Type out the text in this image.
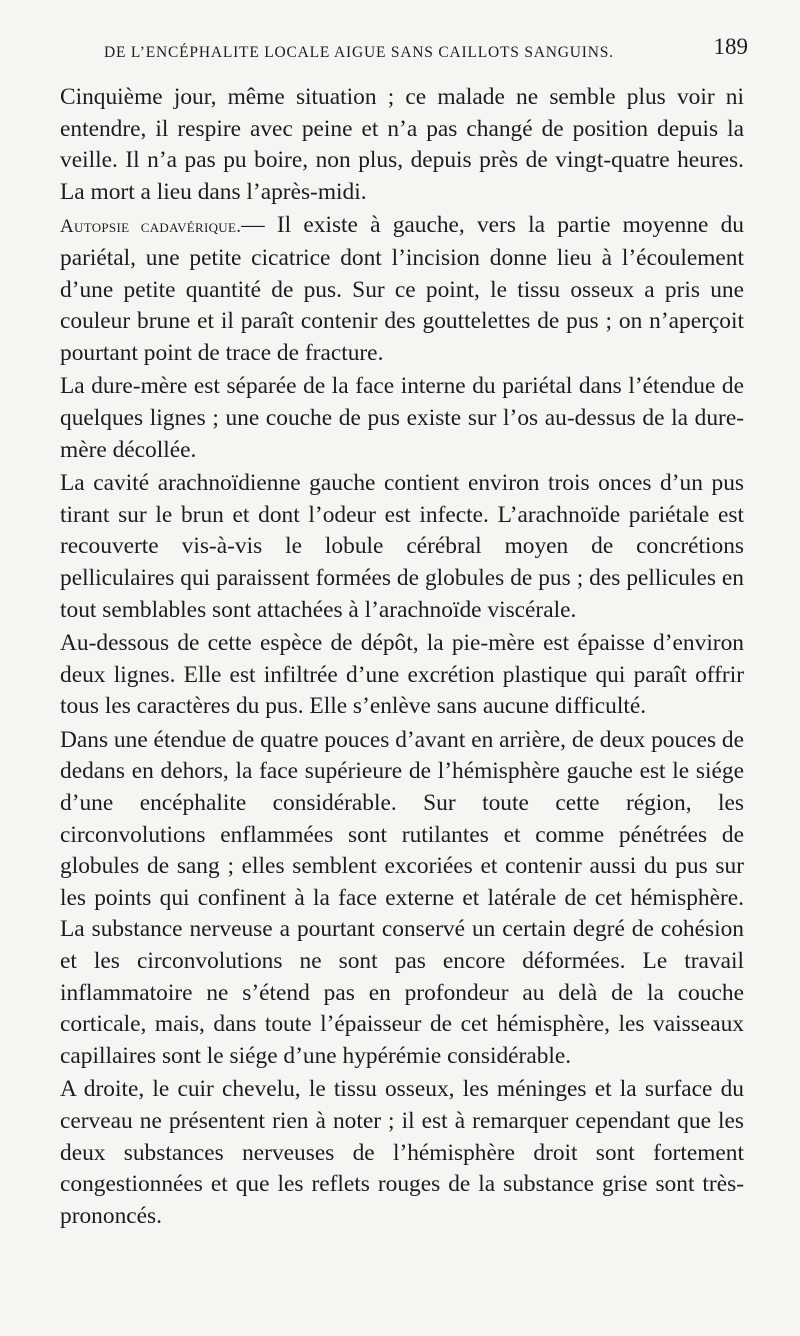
DE L’ENCÉPHALITE LOCALE AIGUE SANS CAILLOTS SANGUINS.	189

Cinquième jour, même situation ; ce malade ne semble plus voir ni entendre, il respire avec peine et n’a pas changé de position depuis la veille. Il n’a pas pu boire, non plus, depuis près de vingt-quatre heures. La mort a lieu dans l’après-midi.

Autopsie cadavérique.— Il existe à gauche, vers la partie moyenne du pariétal, une petite cicatrice dont l’incision donne lieu à l’écoulement d’une petite quantité de pus. Sur ce point, le tissu osseux a pris une couleur brune et il paraît contenir des gouttelettes de pus ; on n’aperçoit pourtant point de trace de fracture.

La dure-mère est séparée de la face interne du pariétal dans l’étendue de quelques lignes ; une couche de pus existe sur l’os au-dessus de la dure-mère décollée.

La cavité arachnoïdienne gauche contient environ trois onces d’un pus tirant sur le brun et dont l’odeur est infecte. L’arachnoïde pariétale est recouverte vis-à-vis le lobule cérébral moyen de concrétions pelliculaires qui paraissent formées de globules de pus ; des pellicules en tout semblables sont attachées à l’arachnoïde viscérale.

Au-dessous de cette espèce de dépôt, la pie-mère est épaisse d’environ deux lignes. Elle est infiltrée d’une excrétion plastique qui paraît offrir tous les caractères du pus. Elle s’enlève sans aucune difficulté.

Dans une étendue de quatre pouces d’avant en arrière, de deux pouces de dedans en dehors, la face supérieure de l’hémisphère gauche est le siége d’une encéphalite considérable. Sur toute cette région, les circonvolutions enflammées sont rutilantes et comme pénétrées de globules de sang ; elles semblent excoriées et contenir aussi du pus sur les points qui confinent à la face externe et latérale de cet hémisphère. La substance nerveuse a pourtant conservé un certain degré de cohésion et les circonvolutions ne sont pas encore déformées. Le travail inflammatoire ne s’étend pas en profondeur au delà de la couche corticale, mais, dans toute l’épaisseur de cet hémisphère, les vaisseaux capillaires sont le siége d’une hypérémie considérable.

A droite, le cuir chevelu, le tissu osseux, les méninges et la surface du cerveau ne présentent rien à noter ; il est à remarquer cependant que les deux substances nerveuses de l’hémisphère droit sont fortement congestionnées et que les reflets rouges de la substance grise sont très-prononcés.
